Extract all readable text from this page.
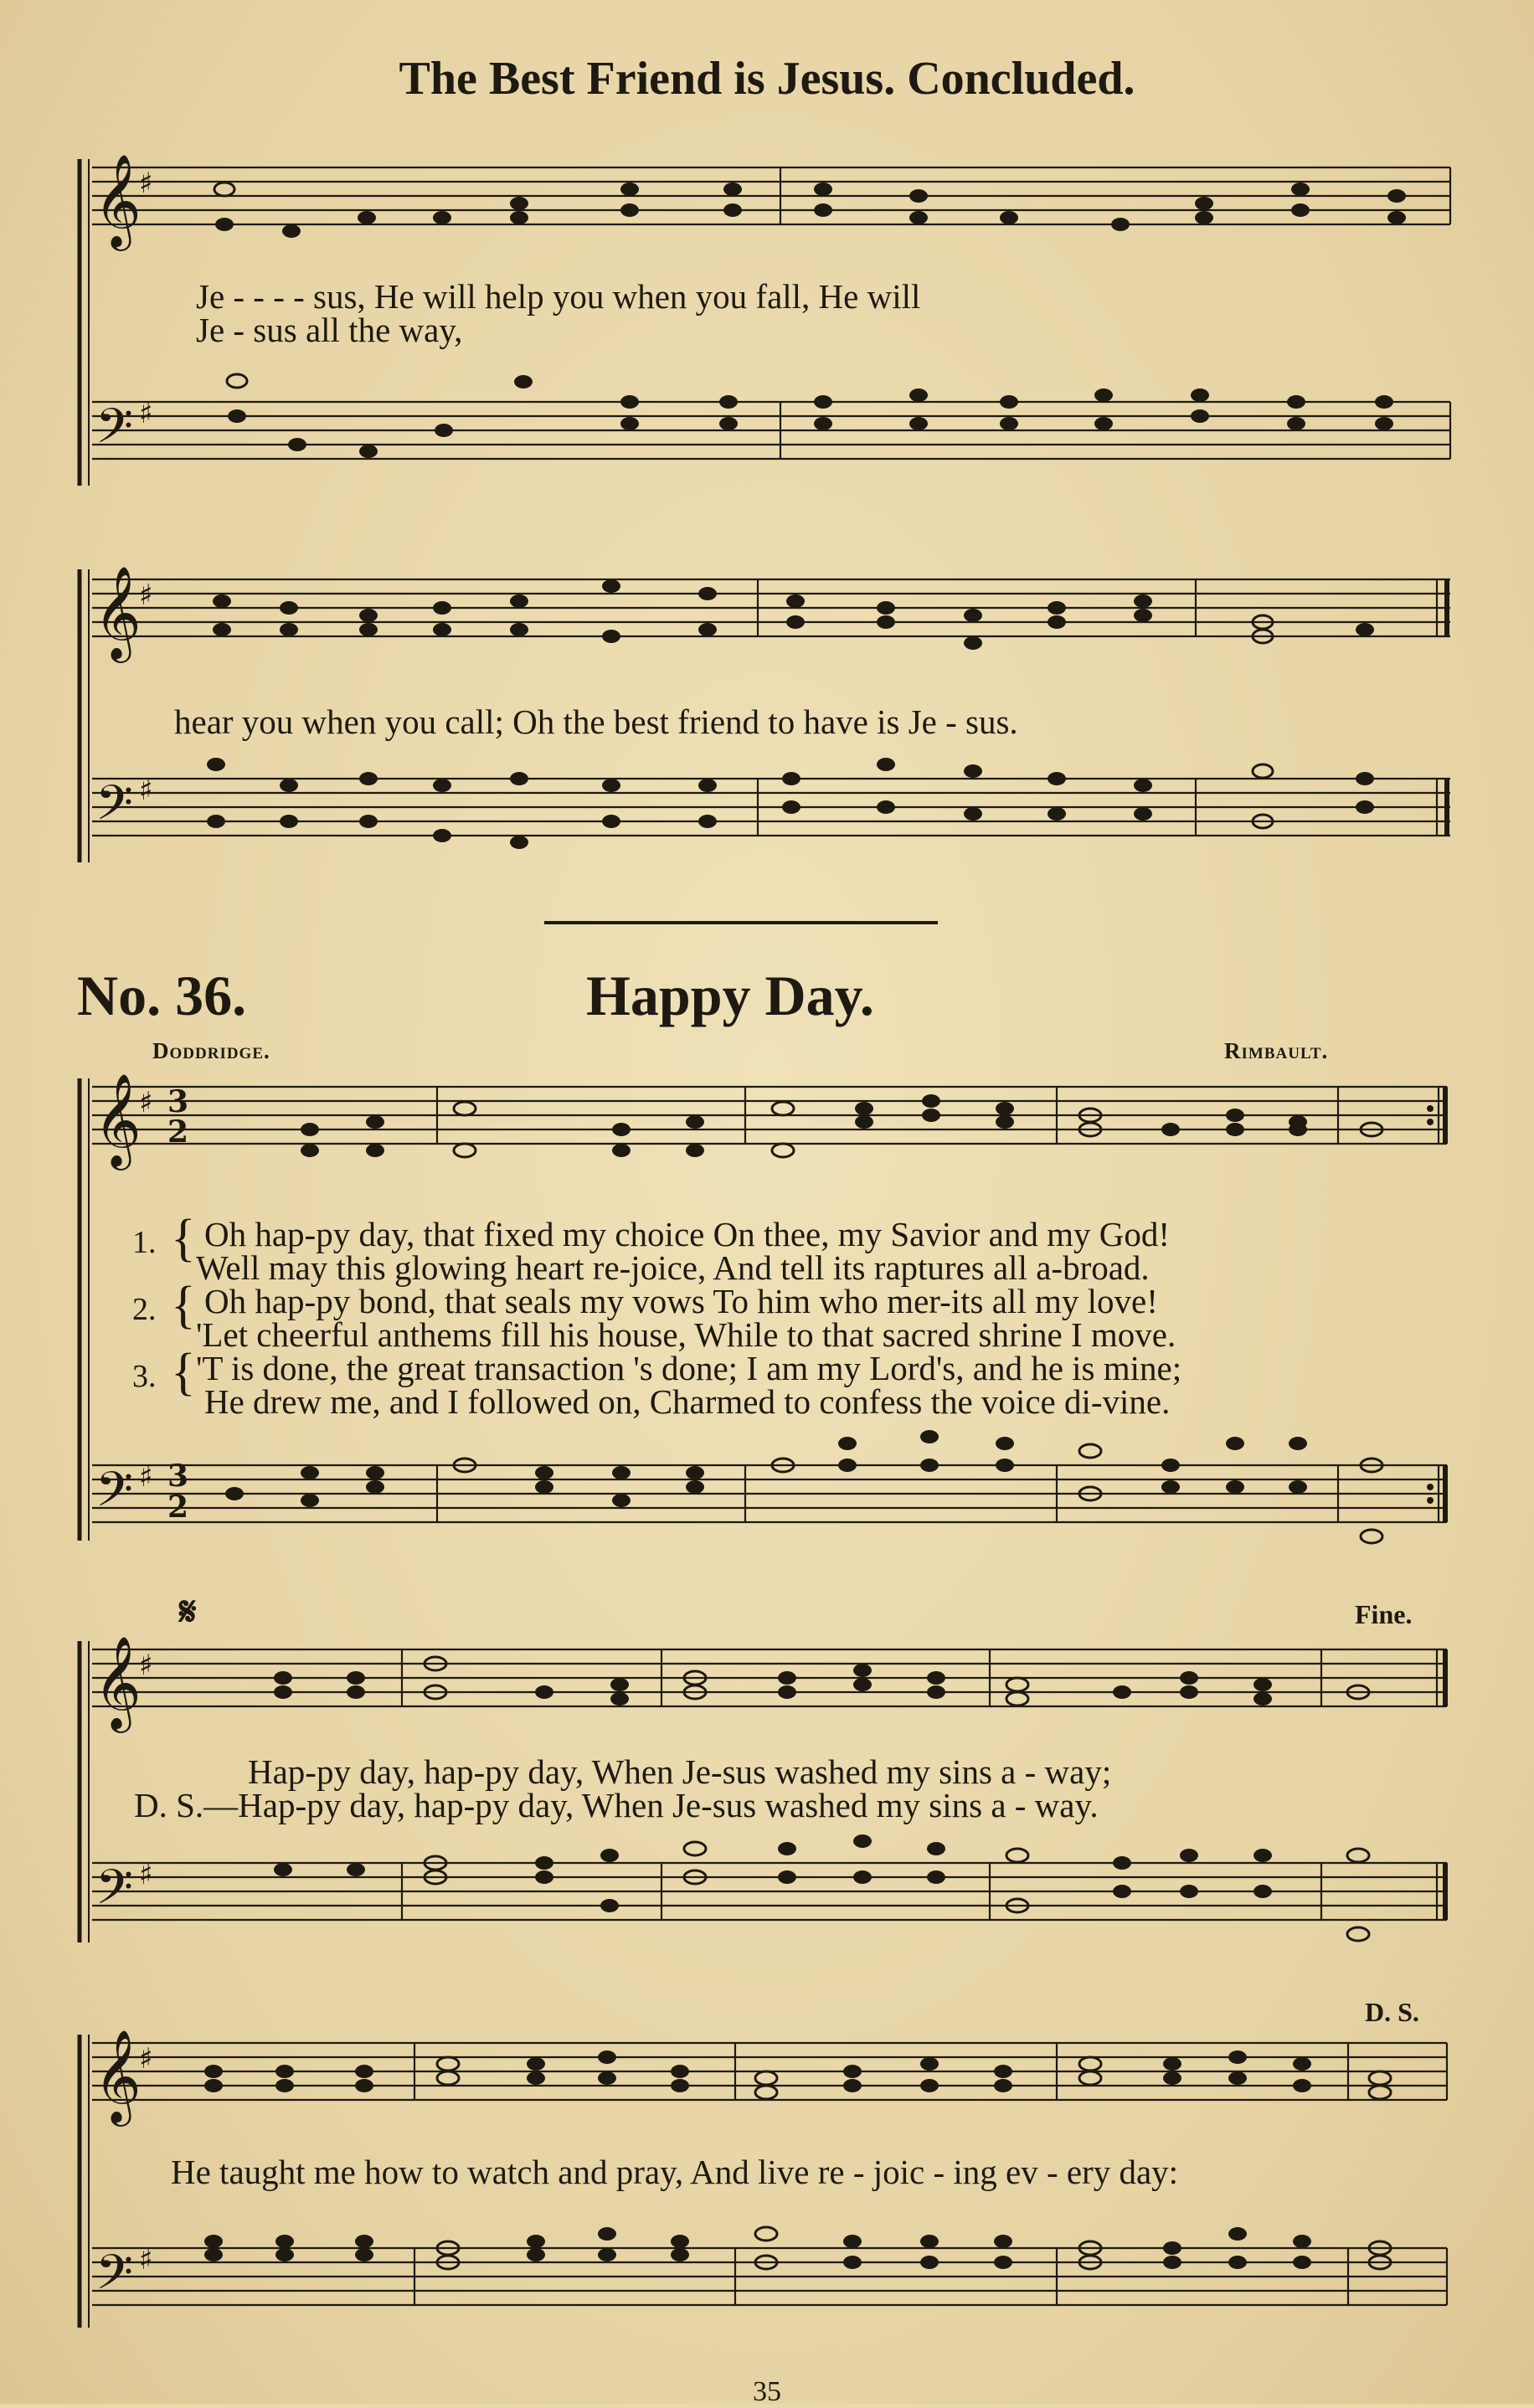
The Best Friend is Jesus. Concluded.
𝄞
♯
𝄢 ♯
Je - - - - sus, He will help you when you fall, He will
Je - sus all the way,
𝄞
♯
𝄢 ♯
hear you when you call; Oh the best friend to have is Je - sus.
No. 36.	Happy Day.
Doddridge.	Rimbault.
𝄞
♯ 3
2
𝄢 ♯ 3
2
1. { Oh hap-py day, that fixed my choice On thee, my Savior and my God!
Well may this glowing heart re-joice, And tell its raptures all a-broad.
2. { Oh hap-py bond, that seals my vows To him who mer-its all my love!
'Let cheerful anthems fill his house, While to that sacred shrine I move.
3. { 'T is done, the great transaction 's done; I am my Lord's, and he is mine;
He drew me, and I followed on, Charmed to confess the voice di-vine.
𝄋	Fine.
𝄞
♯
𝄢 ♯
Hap-py day, hap-py day, When Je-sus washed my sins a - way;
D. S.—Hap-py day, hap-py day, When Je-sus washed my sins a - way.
D. S.
𝄞
♯
𝄢 ♯
He taught me how to watch and pray, And live re - joic - ing ev - ery day:
35
